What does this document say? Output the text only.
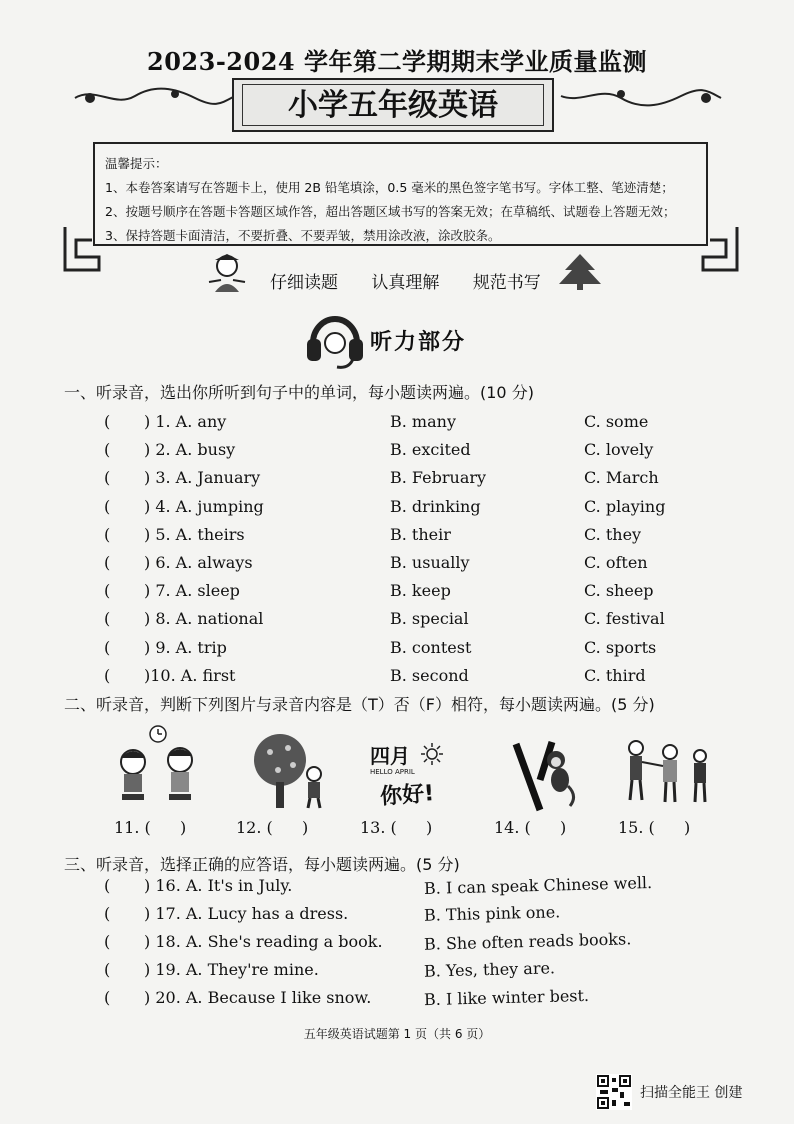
2023-2024 学年第二学期期末学业质量监测
小学五年级英语
温馨提示：
1、本卷答案请写在答题卡上，使用 2B 铅笔填涂，0.5 毫米的黑色签字笔书写。字体工整、笔迹清楚；
2、按题号顺序在答题卡答题区域作答，超出答题区域书写的答案无效；在草稿纸、试题卷上答题无效；
3、保持答题卡面清洁，不要折叠、不要弄皱，禁用涂改液，涂改胶条。
仔细读题 认真理解 规范书写
听力部分
一、听录音，选出你所听到句子中的单词，每小题读两遍。(10 分)
( ) 1. A. any	B. many	C. some
( ) 2. A. busy	B. excited	C. lovely
( ) 3. A. January	B. February	C. March
( ) 4. A. jumping	B. drinking	C. playing
( ) 5. A. theirs	B. their	C. they
( ) 6. A. always	B. usually	C. often
( ) 7. A. sleep	B. keep	C. sheep
( ) 8. A. national	B. special	C. festival
( ) 9. A. trip	B. contest	C. sports
( )10. A. first	B. second	C. third
二、听录音，判断下列图片与录音内容是（T）否（F）相符，每小题读两遍。(5 分)
四月
HELLO APRIL
你好!
11. ( )	12. ( )	13. ( )	14. ( )	15. ( )
三、听录音，选择正确的应答语，每小题读两遍。(5 分)
( ) 16. A. It's in July.	B. I can speak Chinese well.
( ) 17. A. Lucy has a dress.	B. This pink one.
( ) 18. A. She's reading a book.	B. She often reads books.
( ) 19. A. They're mine.	B. Yes, they are.
( ) 20. A. Because I like snow.	B. I like winter best.
五年级英语试题第 1 页（共 6 页）
扫描全能王 创建
